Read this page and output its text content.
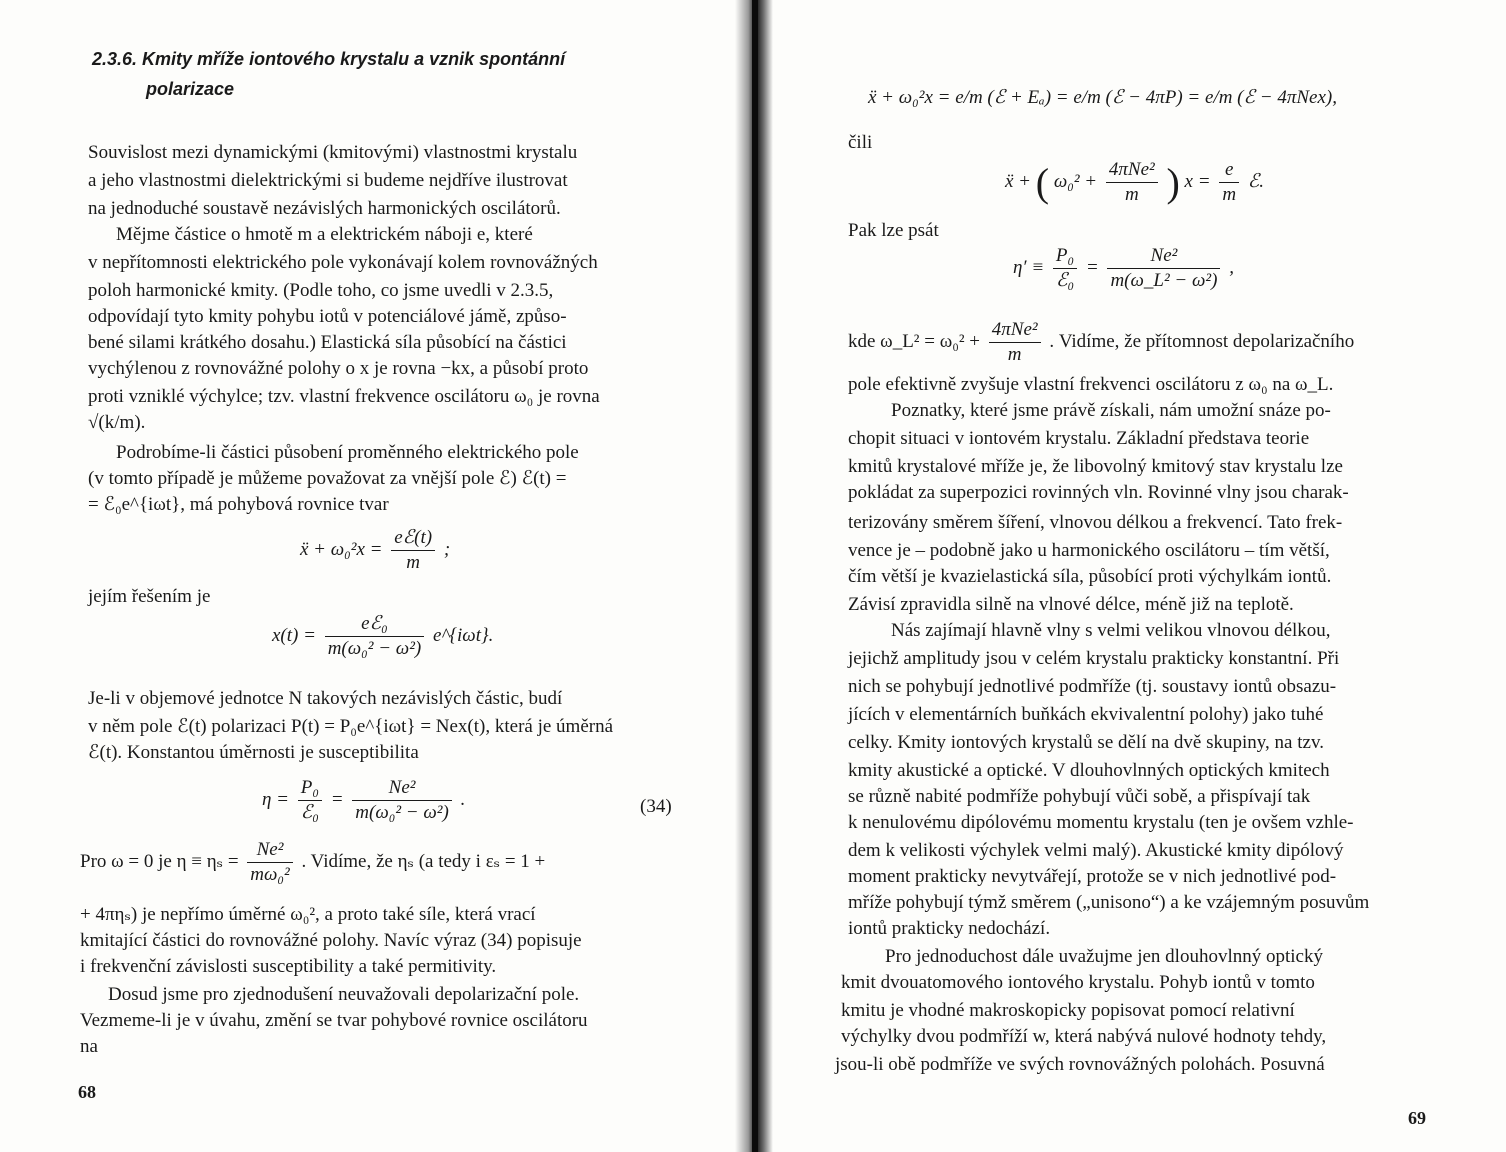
2.3.6. Kmity mříže iontového krystalu a vznik spontánní
polarizace
Souvislost mezi dynamickými (kmitovými) vlastnostmi krystalu
a jeho vlastnostmi dielektrickými si budeme nejdříve ilustrovat
na jednoduché soustavě nezávislých harmonických oscilátorů.
Mějme částice o hmotě m a elektrickém náboji e, které
v nepřítomnosti elektrického pole vykonávají kolem rovnovážných
poloh harmonické kmity. (Podle toho, co jsme uvedli v 2.3.5,
odpovídají tyto kmity pohybu iotů v potenciálové jámě, způso-
bené silami krátkého dosahu.) Elastická síla působící na částici
vychýlenou z rovnovážné polohy o x je rovna −kx, a působí proto
proti vzniklé výchylce; tzv. vlastní frekvence oscilátoru ω₀ je rovna
√(k/m).
Podrobíme-li částici působení proměnného elektrického pole
(v tomto případě je můžeme považovat za vnější pole ℰ) ℰ(t) =
= ℰ₀e^{iωt}, má pohybová rovnice tvar
ẍ + ω₀²x =
eℰ(t)
m
;
jejím řešením je
x(t) =
eℰ₀
m(ω₀² − ω²)
e^{iωt}.
Je-li v objemové jednotce N takových nezávislých částic, budí
v něm pole ℰ(t) polarizaci P(t) = P₀e^{iωt} = Nex(t), která je úměrná
ℰ(t). Konstantou úměrnosti je susceptibilita
η =
P₀
ℰ₀
= $\frac{\text{Ne²}}{\text{m(ω₀² − ω²)}}$ .	(34)
Pro ω = 0 je $\eta \equiv \eta_s = \frac{\text{Ne²}}{\text{mω₀²}}$ . Vidíme, že ηₛ (a tedy i εₛ = 1 +
+ 4πηₛ) je nepřímo úměrné ω₀², a proto také síle, která vrací
kmitající částici do rovnovážné polohy. Navíc výraz (34) popisuje
i frekvenční závislosti susceptibility a také permitivity.
Dosud jsme pro zjednodušení neuvažovali depolarizační pole.
Vezmeme-li je v úvahu, změní se tvar pohybové rovnice oscilátoru
na
68
ẍ + ω₀²x = e/m (ℰ + Eₐ) = e/m (ℰ − 4πP) = e/m (ℰ − 4πNex),
čili
ẍ + ( ω₀² +
4πNe²
m ) $x = \frac{e}{m}$ ℰ.
Pak lze psát
η′ ≡
P₀
ℰ₀
= $\frac{\text{Ne²}}{\text{m(ω\_L² − ω²)}}$ ,
kde ω_L² = ω₀² +
4πNe²
m
. Vidíme, že přítomnost depolarizačního
pole efektivně zvyšuje vlastní frekvenci oscilátoru z ω₀ na ω_L.
Poznatky, které jsme právě získali, nám umožní snáze po-
chopit situaci v iontovém krystalu. Základní představa teorie
kmitů krystalové mříže je, že libovolný kmitový stav krystalu lze
pokládat za superpozici rovinných vln. Rovinné vlny jsou charak-
terizovány směrem šíření, vlnovou délkou a frekvencí. Tato frek-
vence je – podobně jako u harmonického oscilátoru – tím větší,
čím větší je kvazielastická síla, působící proti výchylkám iontů.
Závisí zpravidla silně na vlnové délce, méně již na teplotě.
Nás zajímají hlavně vlny s velmi velikou vlnovou délkou,
jejichž amplitudy jsou v celém krystalu prakticky konstantní. Při
nich se pohybují jednotlivé podmříže (tj. soustavy iontů obsazu-
jících v elementárních buňkách ekvivalentní polohy) jako tuhé
celky. Kmity iontových krystalů se dělí na dvě skupiny, na tzv.
kmity akustické a optické. V dlouhovlnných optických kmitech
se různě nabité podmříže pohybují vůči sobě, a přispívají tak
k nenulovému dipólovému momentu krystalu (ten je ovšem vzhle-
dem k velikosti výchylek velmi malý). Akustické kmity dipólový
moment prakticky nevytvářejí, protože se v nich jednotlivé pod-
mříže pohybují týmž směrem („unisono“) a ke vzájemným posuvům
iontů prakticky nedochází.
Pro jednoduchost dále uvažujme jen dlouhovlnný optický
kmit dvouatomového iontového krystalu. Pohyb iontů v tomto
kmitu je vhodné makroskopicky popisovat pomocí relativní
výchylky dvou podmříží w, která nabývá nulové hodnoty tehdy,
jsou-li obě podmříže ve svých rovnovážných polohách. Posuvná
69
